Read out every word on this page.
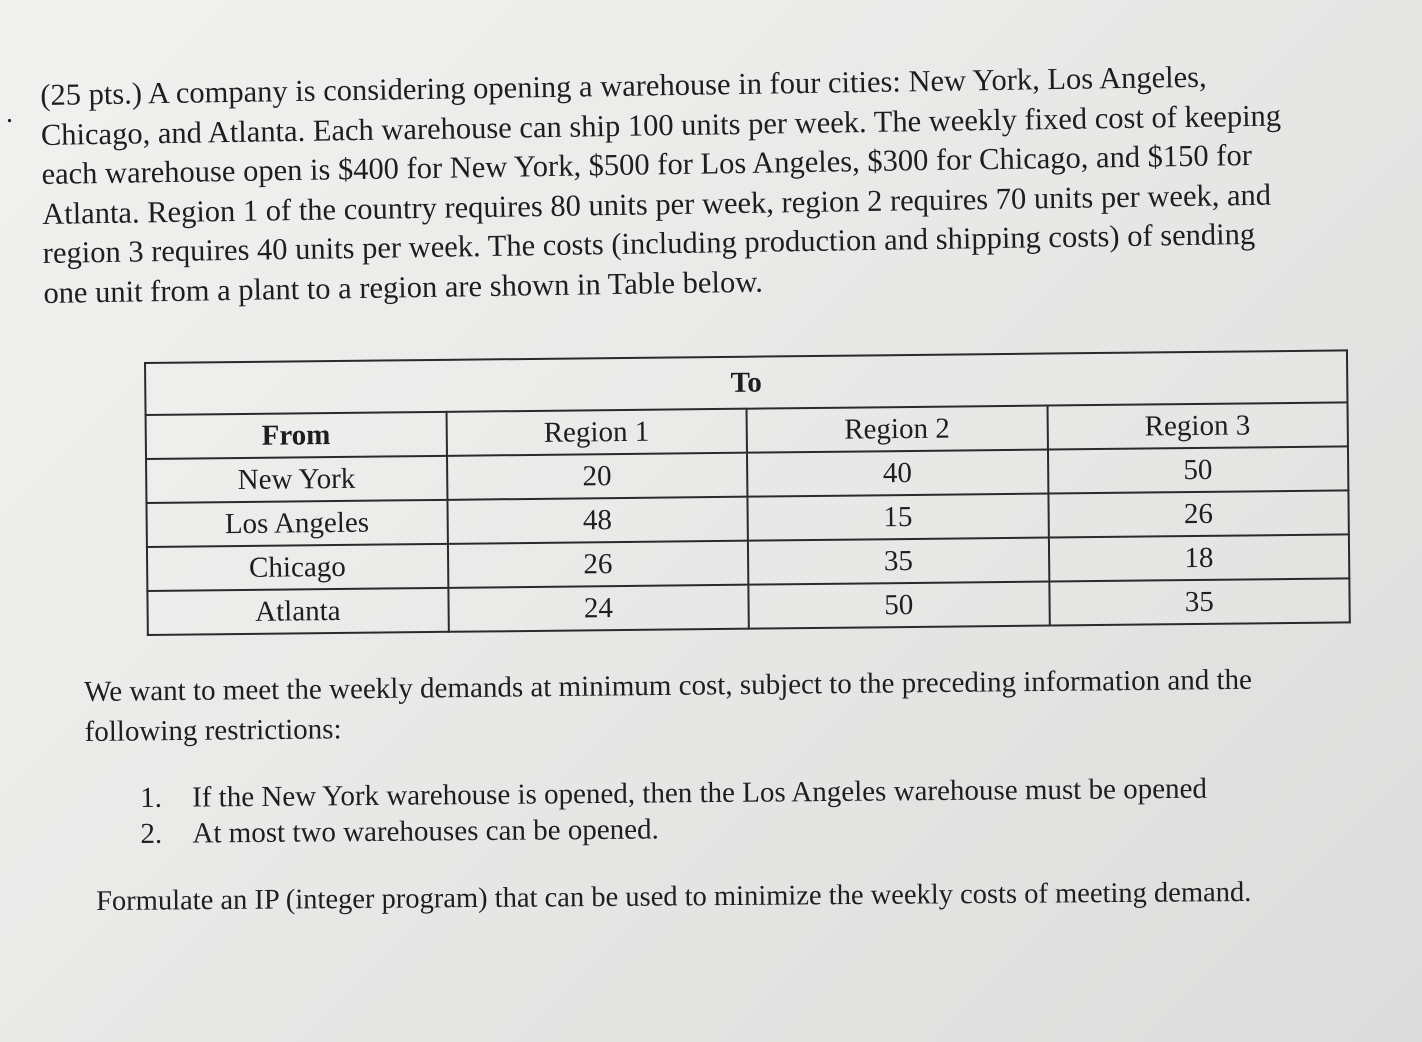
.
(25 pts.) A company is considering opening a warehouse in four cities: New York, Los Angeles,
Chicago, and Atlanta. Each warehouse can ship 100 units per week. The weekly fixed cost of keeping
each warehouse open is $400 for New York, $500 for Los Angeles, $300 for Chicago, and $150 for
Atlanta. Region 1 of the country requires 80 units per week, region 2 requires 70 units per week, and
region 3 requires 40 units per week. The costs (including production and shipping costs) of sending
one unit from a plant to a region are shown in Table below.
To			
From	Region 1	Region 2	Region 3
New York	20	40	50
Los Angeles	48	15	26
Chicago	26	35	18
Atlanta	24	50	35
We want to meet the weekly demands at minimum cost, subject to the preceding information and the
following restrictions:
1. If the New York warehouse is opened, then the Los Angeles warehouse must be opened
2. At most two warehouses can be opened.
Formulate an IP (integer program) that can be used to minimize the weekly costs of meeting demand.
